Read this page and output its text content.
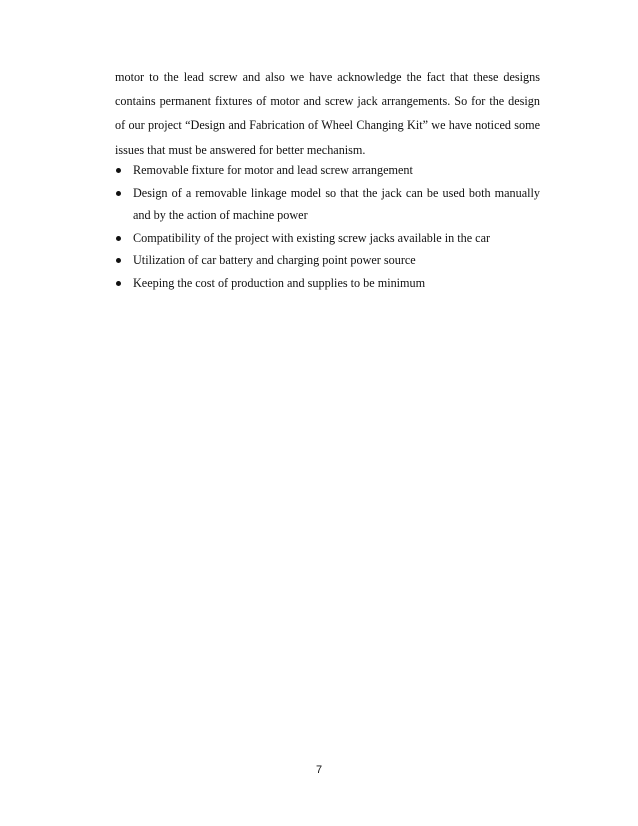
motor to the lead screw and also we have acknowledge the fact that these designs contains permanent fixtures of motor and screw jack arrangements. So for the design of our project “Design and Fabrication of Wheel Changing Kit” we have noticed some issues that must be answered for better mechanism.

Removable fixture for motor and lead screw arrangement
Design of a removable linkage model so that the jack can be used both manually and by the action of machine power
Compatibility of the project with existing screw jacks available in the car
Utilization of car battery and charging point power source
Keeping the cost of production and supplies to be minimum
7
